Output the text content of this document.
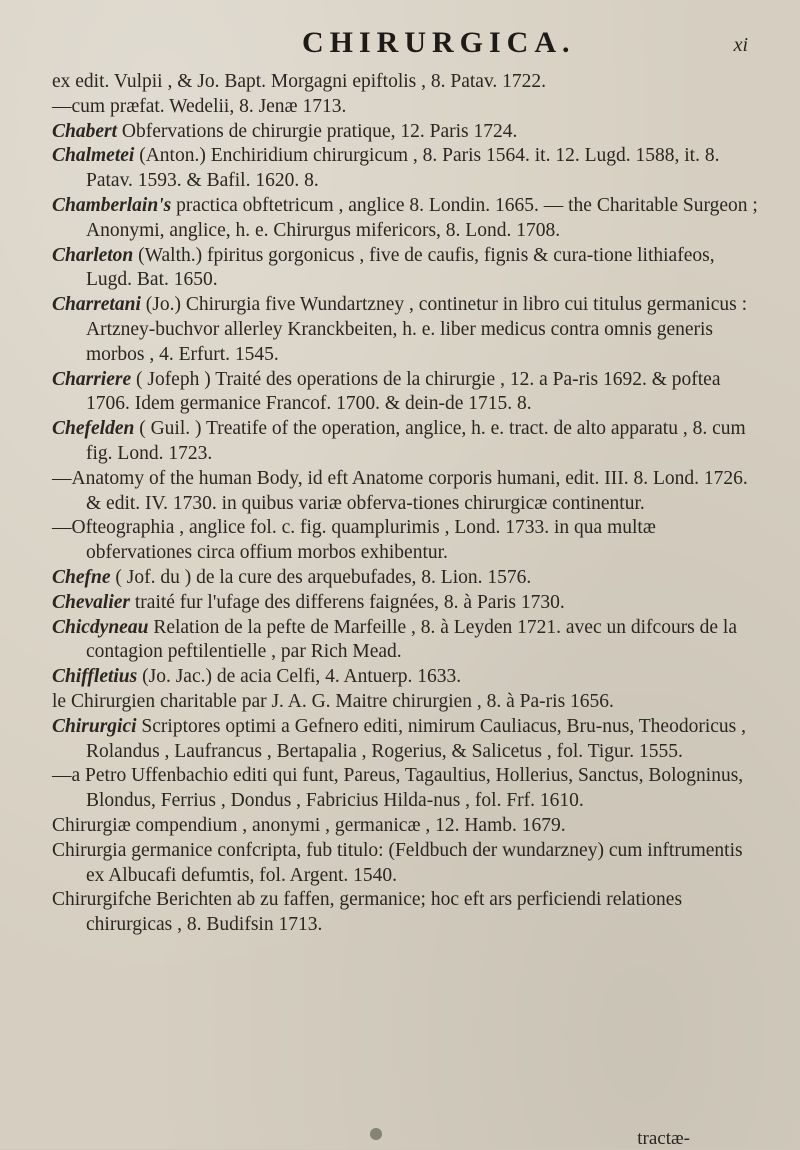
CHIRURGICA.	xi

ex edit. Vulpii , & Jo. Bapt. Morgagni epiftolis , 8. Patav. 1722.

—cum præfat. Wedelii, 8. Jenæ 1713.

Chabert Obfervations de chirurgie pratique, 12. Paris 1724.

Chalmetei (Anton.) Enchiridium chirurgicum , 8. Paris 1564. it. 12. Lugd. 1588, it. 8. Patav. 1593. & Bafil. 1620. 8.

Chamberlain's practica obftetricum , anglice 8. Londin. 1665. — the Charitable Surgeon ; Anonymi, anglice, h. e. Chirurgus mifericors, 8. Lond. 1708.

Charleton (Walth.) fpiritus gorgonicus , five de caufis, fignis & cura-tione lithiafeos, Lugd. Bat. 1650.

Charretani (Jo.) Chirurgia five Wundartzney , continetur in libro cui titulus germanicus : Artzney-buchvor allerley Kranckbeiten, h. e. liber medicus contra omnis generis morbos , 4. Erfurt. 1545.

Charriere ( Jofeph ) Traité des operations de la chirurgie , 12. a Pa-ris 1692. & poftea 1706. Idem germanice Francof. 1700. & dein-de 1715. 8.

Chefelden ( Guil. ) Treatife of the operation, anglice, h. e. tract. de alto apparatu , 8. cum fig. Lond. 1723.

—Anatomy of the human Body, id eft Anatome corporis humani, edit. III. 8. Lond. 1726. & edit. IV. 1730. in quibus variæ obferva-tiones chirurgicæ continentur.

—Ofteographia , anglice fol. c. fig. quamplurimis , Lond. 1733. in qua multæ obfervationes circa offium morbos exhibentur.

Chefne ( Jof. du ) de la cure des arquebufades, 8. Lion. 1576.

Chevalier traité fur l'ufage des differens faignées, 8. à Paris 1730.

Chicdyneau Relation de la pefte de Marfeille , 8. à Leyden 1721. avec un difcours de la contagion peftilentielle , par Rich Mead.

Chiffletius (Jo. Jac.) de acia Celfi, 4. Antuerp. 1633.

le Chirurgien charitable par J. A. G. Maitre chirurgien , 8. à Pa-ris 1656.

Chirurgici Scriptores optimi a Gefnero editi, nimirum Cauliacus, Bru-nus, Theodoricus , Rolandus , Laufrancus , Bertapalia , Rogerius, & Salicetus , fol. Tigur. 1555.

—a Petro Uffenbachio editi qui funt, Pareus, Tagaultius, Hollerius, Sanctus, Bologninus, Blondus, Ferrius , Dondus , Fabricius Hilda-nus , fol. Frf. 1610.

Chirurgiæ compendium , anonymi , germanicæ , 12. Hamb. 1679.

Chirurgia germanice confcripta, fub titulo: (Feldbuch der wundarzney) cum inftrumentis ex Albucafi defumtis, fol. Argent. 1540.

Chirurgifche Berichten ab zu faffen, germanice; hoc eft ars perficiendi relationes chirurgicas , 8. Budifsin 1713.

tractæ-
